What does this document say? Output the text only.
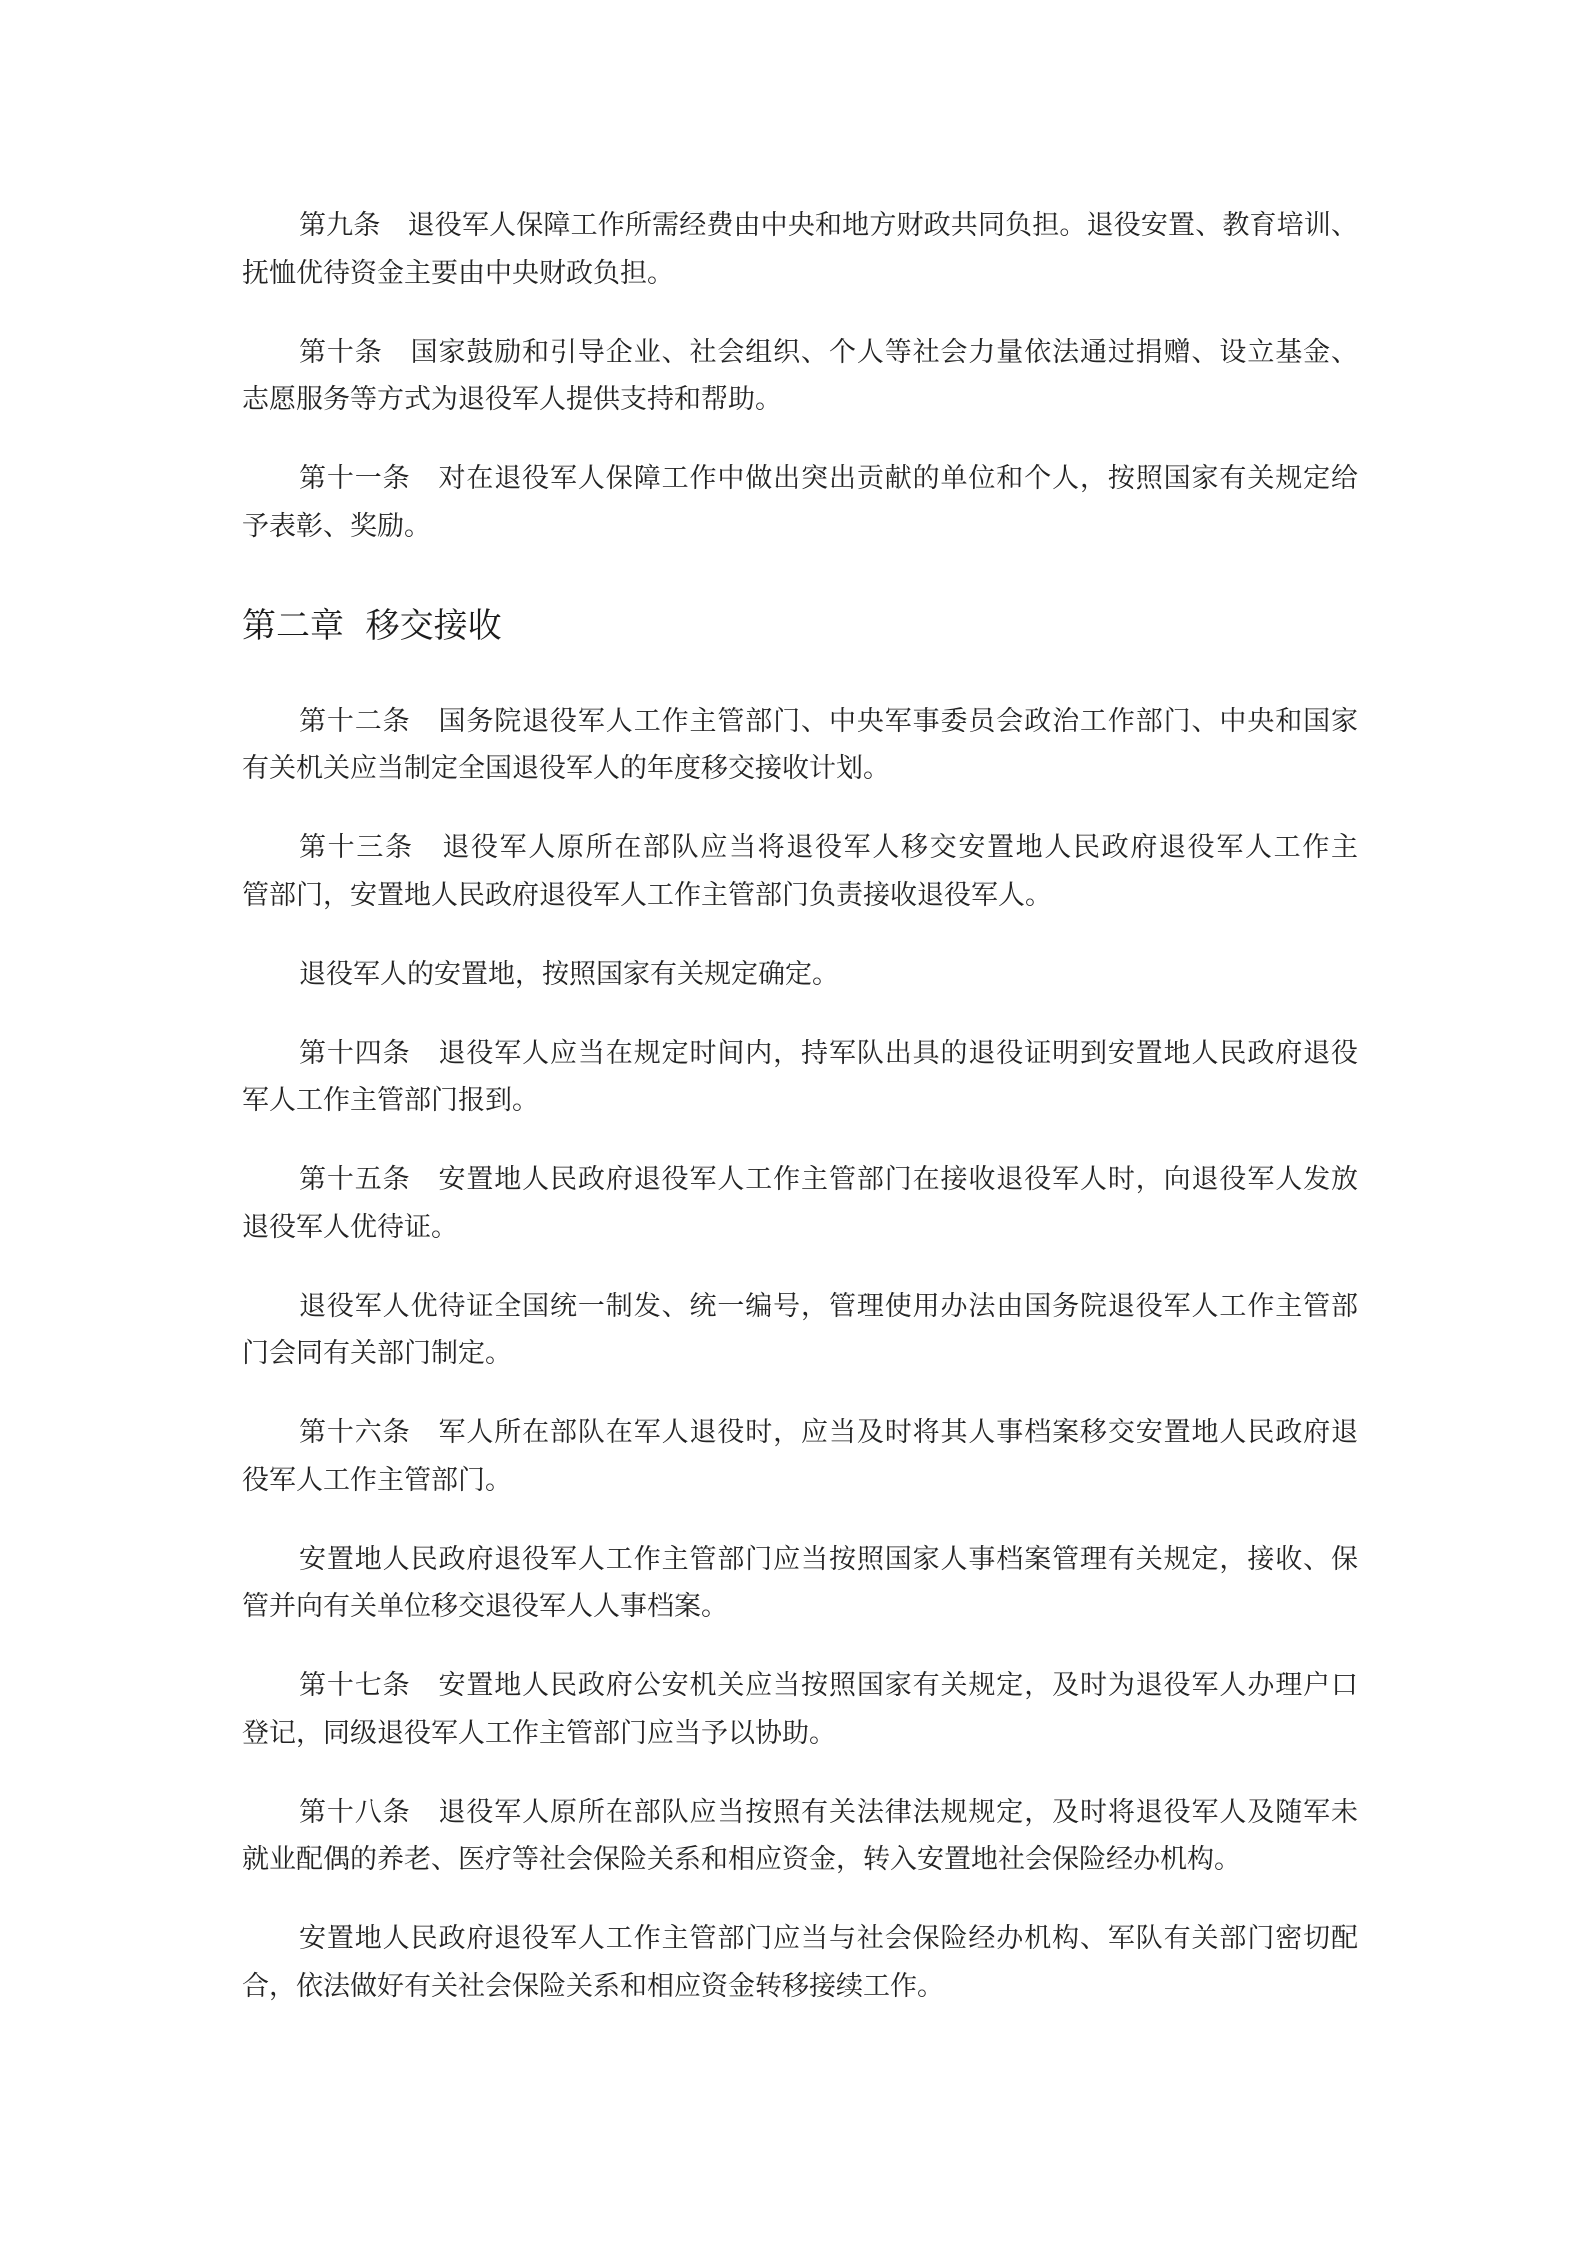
第九条　退役军人保障工作所需经费由中央和地方财政共同负担。退役安置、教育培训、
抚恤优待资金主要由中央财政负担。
第十条　国家鼓励和引导企业、社会组织、个人等社会力量依法通过捐赠、设立基金、
志愿服务等方式为退役军人提供支持和帮助。
第十一条　对在退役军人保障工作中做出突出贡献的单位和个人，按照国家有关规定给
予表彰、奖励。
第二章  移交接收
第十二条　国务院退役军人工作主管部门、中央军事委员会政治工作部门、中央和国家
有关机关应当制定全国退役军人的年度移交接收计划。
第十三条　退役军人原所在部队应当将退役军人移交安置地人民政府退役军人工作主
管部门，安置地人民政府退役军人工作主管部门负责接收退役军人。
退役军人的安置地，按照国家有关规定确定。
第十四条　退役军人应当在规定时间内，持军队出具的退役证明到安置地人民政府退役
军人工作主管部门报到。
第十五条　安置地人民政府退役军人工作主管部门在接收退役军人时，向退役军人发放
退役军人优待证。
退役军人优待证全国统一制发、统一编号，管理使用办法由国务院退役军人工作主管部
门会同有关部门制定。
第十六条　军人所在部队在军人退役时，应当及时将其人事档案移交安置地人民政府退
役军人工作主管部门。
安置地人民政府退役军人工作主管部门应当按照国家人事档案管理有关规定，接收、保
管并向有关单位移交退役军人人事档案。
第十七条　安置地人民政府公安机关应当按照国家有关规定，及时为退役军人办理户口
登记，同级退役军人工作主管部门应当予以协助。
第十八条　退役军人原所在部队应当按照有关法律法规规定，及时将退役军人及随军未
就业配偶的养老、医疗等社会保险关系和相应资金，转入安置地社会保险经办机构。
安置地人民政府退役军人工作主管部门应当与社会保险经办机构、军队有关部门密切配
合，依法做好有关社会保险关系和相应资金转移接续工作。
